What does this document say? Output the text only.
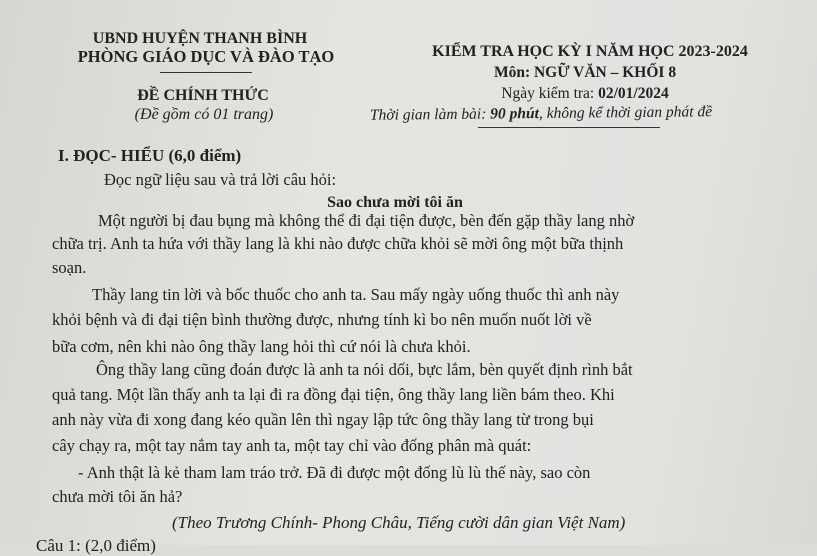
UBND HUYỆN THANH BÌNH
PHÒNG GIÁO DỤC VÀ ĐÀO TẠO
ĐỀ CHÍNH THỨC
(Đề gồm có 01 trang)
KIỂM TRA HỌC KỲ I NĂM HỌC 2023-2024
Môn: NGỮ VĂN – KHỐI 8
Ngày kiểm tra: 02/01/2024
Thời gian làm bài: 90 phút, không kể thời gian phát đề
I. ĐỌC- HIỂU (6,0 điểm)
Đọc ngữ liệu sau và trả lời câu hỏi:
Sao chưa mời tôi ăn
Một người bị đau bụng mà không thể đi đại tiện được, bèn đến gặp thầy lang nhờ
chữa trị. Anh ta hứa với thầy lang là khi nào được chữa khỏi sẽ mời ông một bữa thịnh
soạn.
Thầy lang tin lời và bốc thuốc cho anh ta. Sau mấy ngày uống thuốc thì anh này
khỏi bệnh và đi đại tiện bình thường được, nhưng tính kì bo nên muốn nuốt lời về
bữa cơm, nên khi nào ông thầy lang hỏi thì cứ nói là chưa khỏi.
Ông thầy lang cũng đoán được là anh ta nói dối, bực lắm, bèn quyết định rình bắt
quả tang. Một lần thấy anh ta lại đi ra đồng đại tiện, ông thầy lang liền bám theo. Khi
anh này vừa đi xong đang kéo quần lên thì ngay lập tức ông thầy lang từ trong bụi
cây chạy ra, một tay nắm tay anh ta, một tay chỉ vào đống phân mà quát:
- Anh thật là kẻ tham lam tráo trở. Đã đi được một đống lù lù thế này, sao còn
chưa mời tôi ăn hả?
(Theo Trương Chính- Phong Châu, Tiếng cười dân gian Việt Nam)
Câu 1: (2,0 điểm)
